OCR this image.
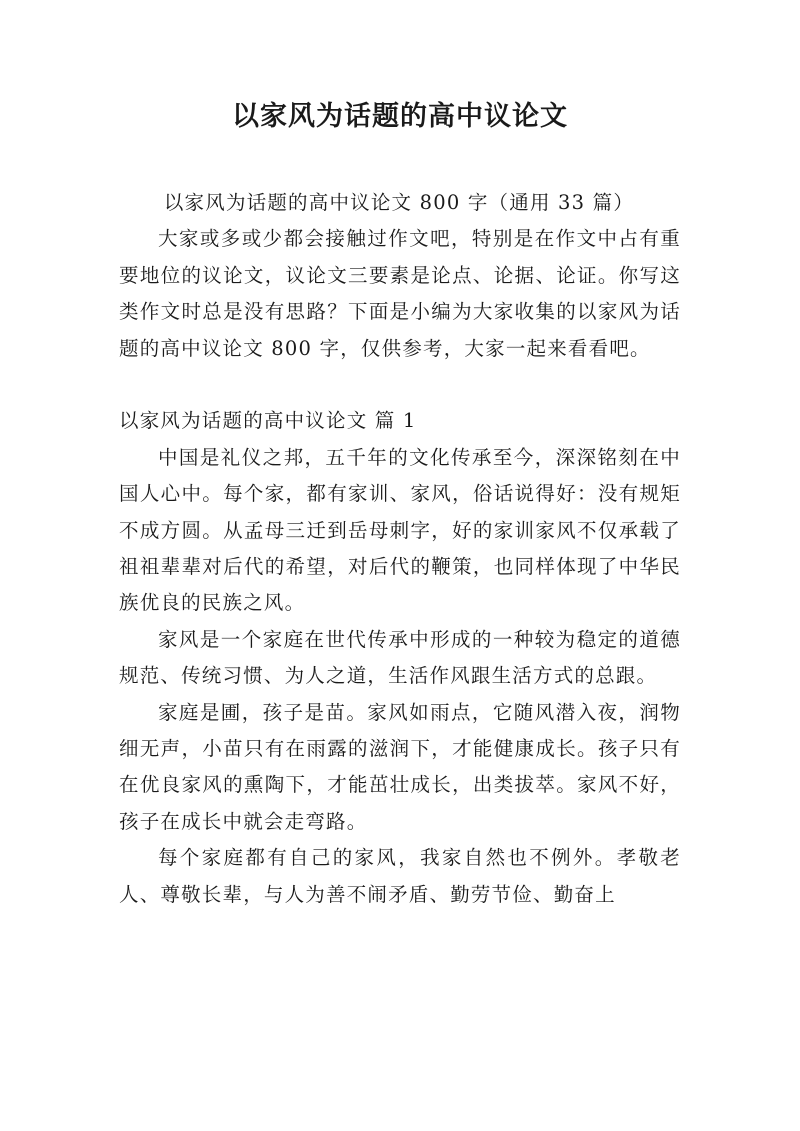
以家风为话题的高中议论文

以家风为话题的高中议论文 800 字（通用 33 篇）

大家或多或少都会接触过作文吧，特别是在作文中占有重要地位的议论文，议论文三要素是论点、论据、论证。你写这类作文时总是没有思路？下面是小编为大家收集的以家风为话题的高中议论文 800 字，仅供参考，大家一起来看看吧。

以家风为话题的高中议论文 篇 1

中国是礼仪之邦，五千年的文化传承至今，深深铭刻在中国人心中。每个家，都有家训、家风，俗话说得好：没有规矩不成方圆。从孟母三迁到岳母刺字，好的家训家风不仅承载了祖祖辈辈对后代的希望，对后代的鞭策，也同样体现了中华民族优良的民族之风。

家风是一个家庭在世代传承中形成的一种较为稳定的道德规范、传统习惯、为人之道，生活作风跟生活方式的总跟。

家庭是圃，孩子是苗。家风如雨点，它随风潜入夜，润物细无声，小苗只有在雨露的滋润下，才能健康成长。孩子只有在优良家风的熏陶下，才能茁壮成长，出类拔萃。家风不好，孩子在成长中就会走弯路。

每个家庭都有自己的家风，我家自然也不例外。孝敬老人、尊敬长辈，与人为善不闹矛盾、勤劳节俭、勤奋上
